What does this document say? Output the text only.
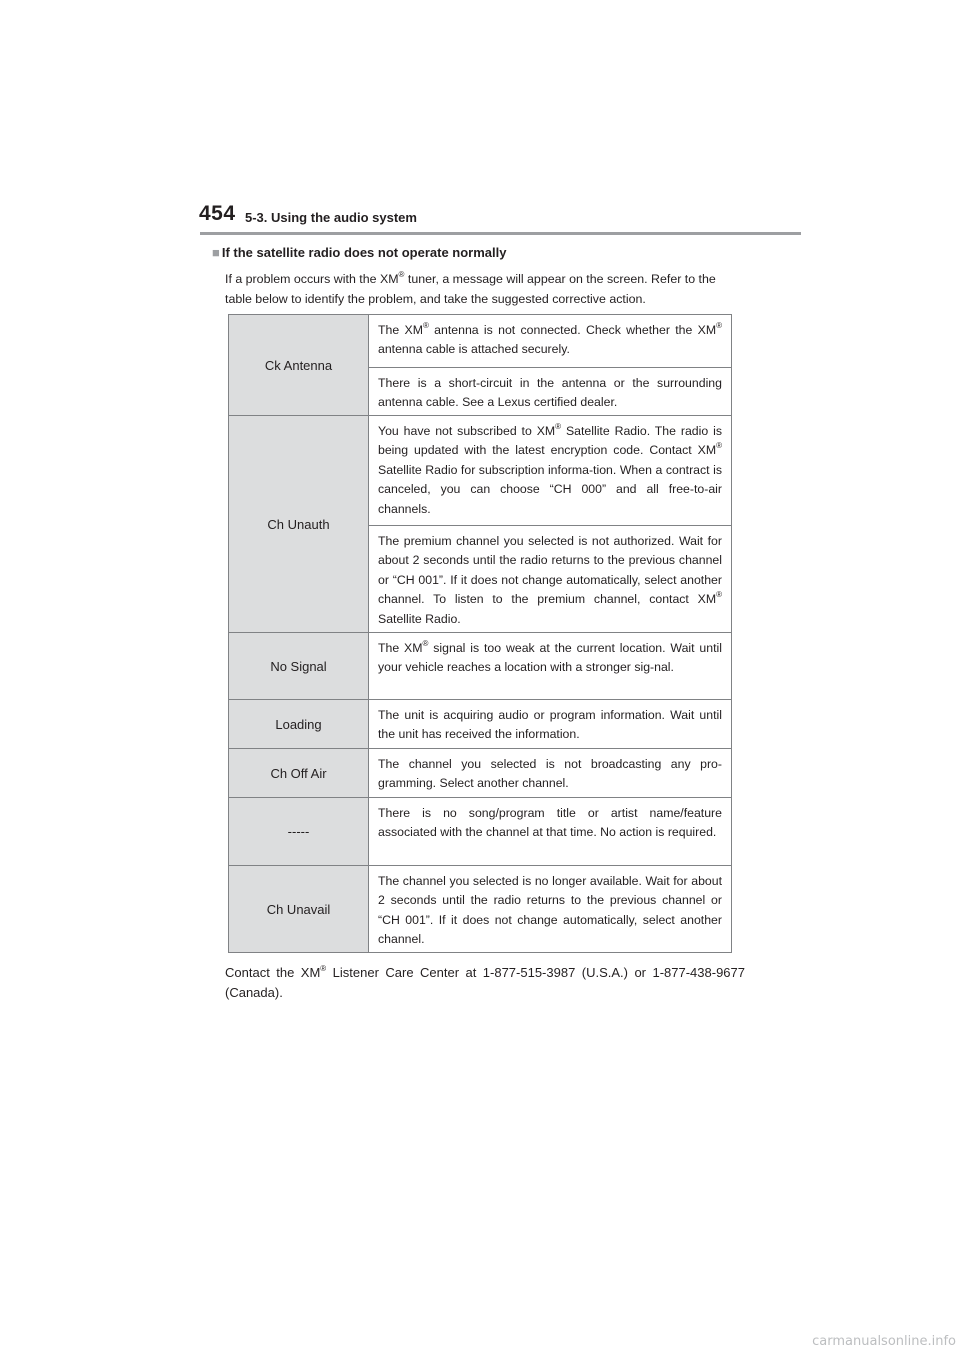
454 5-3. Using the audio system
■ If the satellite radio does not operate normally
If a problem occurs with the XM® tuner, a message will appear on the screen. Refer to the table below to identify the problem, and take the suggested corrective action.
Ck Antenna	The XM® antenna is not connected. Check whether the XM® antenna cable is attached securely.
	There is a short-circuit in the antenna or the surrounding antenna cable. See a Lexus certified dealer.
Ch Unauth	You have not subscribed to XM® Satellite Radio. The radio is being updated with the latest encryption code. Contact XM® Satellite Radio for subscription informa-tion. When a contract is canceled, you can choose “CH 000” and all free-to-air channels.
	The premium channel you selected is not authorized. Wait for about 2 seconds until the radio returns to the previous channel or “CH 001”. If it does not change automatically, select another channel. To listen to the premium channel, contact XM® Satellite Radio.
No Signal	The XM® signal is too weak at the current location. Wait until your vehicle reaches a location with a stronger sig-nal.
Loading	The unit is acquiring audio or program information. Wait until the unit has received the information.
Ch Off Air	The channel you selected is not broadcasting any pro-gramming. Select another channel.
-----	There is no song/program title or artist name/feature associated with the channel at that time. No action is required.
Ch Unavail	The channel you selected is no longer available. Wait for about 2 seconds until the radio returns to the previous channel or “CH 001”. If it does not change automatically, select another channel.
Contact the XM® Listener Care Center at 1-877-515-3987 (U.S.A.) or 1-877-438-9677 (Canada).
carmanualsonline.info
